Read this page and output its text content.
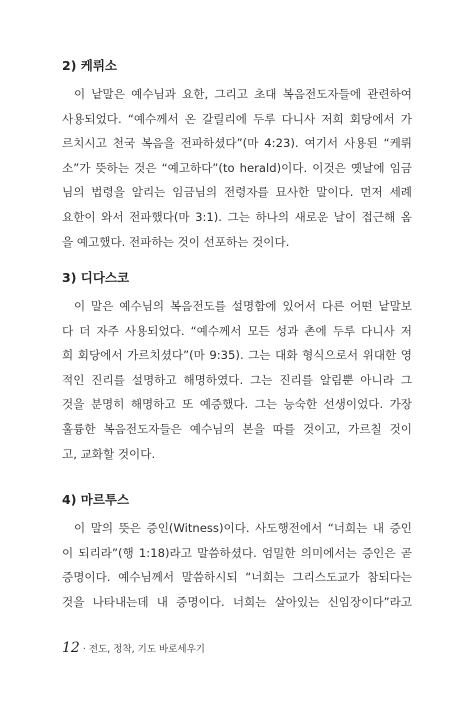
2) 케뤼소
이 낱말은 예수님과 요한, 그리고 초대 복음전도자들에 관련하여
사용되었다. “예수께서 온 갈릴리에 두루 다니사 저희 회당에서 가
르치시고 천국 복음을 전파하셨다”(마 4:23). 여기서 사용된 “케뤼
소”가 뜻하는 것은 “예고하다”(to herald)이다. 이것은 옛날에 임금
님의 법령을 알리는 임금님의 전령자를 묘사한 말이다. 먼저 세례
요한이 와서 전파했다(마 3:1). 그는 하나의 새로운 날이 접근해 옴
을 예고했다. 전파하는 것이 선포하는 것이다.
3) 디다스코
이 말은 예수님의 복음전도를 설명함에 있어서 다른 어떤 낱말보
다 더 자주 사용되었다. “예수께서 모든 성과 촌에 두루 다니사 저
희 회당에서 가르치셨다”(마 9:35). 그는 대화 형식으로서 위대한 영
적인 진리를 설명하고 해명하였다. 그는 진리를 알림뿐 아니라 그
것을 분명히 해명하고 또 예증했다. 그는 능숙한 선생이었다. 가장
훌륭한 복음전도자들은 예수님의 본을 따를 것이고, 가르칠 것이
고, 교화할 것이다.
4) 마르투스
이 말의 뜻은 증인(Witness)이다. 사도행전에서 “너희는 내 증인
이 되리라”(행 1:18)라고 말씀하셨다. 엄밀한 의미에서는 증인은 곧
증명이다. 예수님께서 말씀하시되 “너희는 그리스도교가 참되다는
것을 나타내는데 내 증명이다. 너희는 살아있는 신임장이다”라고
12 · 전도, 정착, 기도 바로세우기
